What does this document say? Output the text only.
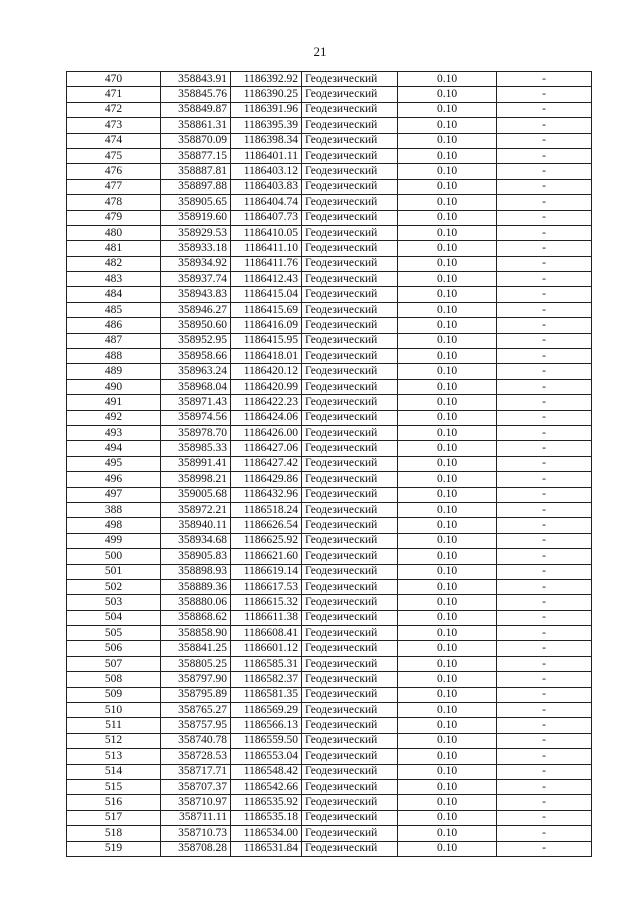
21
470	358843.91	1186392.92	Геодезический	0.10	-
471	358845.76	1186390.25	Геодезический	0.10	-
472	358849.87	1186391.96	Геодезический	0.10	-
473	358861.31	1186395.39	Геодезический	0.10	-
474	358870.09	1186398.34	Геодезический	0.10	-
475	358877.15	1186401.11	Геодезический	0.10	-
476	358887.81	1186403.12	Геодезический	0.10	-
477	358897.88	1186403.83	Геодезический	0.10	-
478	358905.65	1186404.74	Геодезический	0.10	-
479	358919.60	1186407.73	Геодезический	0.10	-
480	358929.53	1186410.05	Геодезический	0.10	-
481	358933.18	1186411.10	Геодезический	0.10	-
482	358934.92	1186411.76	Геодезический	0.10	-
483	358937.74	1186412.43	Геодезический	0.10	-
484	358943.83	1186415.04	Геодезический	0.10	-
485	358946.27	1186415.69	Геодезический	0.10	-
486	358950.60	1186416.09	Геодезический	0.10	-
487	358952.95	1186415.95	Геодезический	0.10	-
488	358958.66	1186418.01	Геодезический	0.10	-
489	358963.24	1186420.12	Геодезический	0.10	-
490	358968.04	1186420.99	Геодезический	0.10	-
491	358971.43	1186422.23	Геодезический	0.10	-
492	358974.56	1186424.06	Геодезический	0.10	-
493	358978.70	1186426.00	Геодезический	0.10	-
494	358985.33	1186427.06	Геодезический	0.10	-
495	358991.41	1186427.42	Геодезический	0.10	-
496	358998.21	1186429.86	Геодезический	0.10	-
497	359005.68	1186432.96	Геодезический	0.10	-
388	358972.21	1186518.24	Геодезический	0.10	-
498	358940.11	1186626.54	Геодезический	0.10	-
499	358934.68	1186625.92	Геодезический	0.10	-
500	358905.83	1186621.60	Геодезический	0.10	-
501	358898.93	1186619.14	Геодезический	0.10	-
502	358889.36	1186617.53	Геодезический	0.10	-
503	358880.06	1186615.32	Геодезический	0.10	-
504	358868.62	1186611.38	Геодезический	0.10	-
505	358858.90	1186608.41	Геодезический	0.10	-
506	358841.25	1186601.12	Геодезический	0.10	-
507	358805.25	1186585.31	Геодезический	0.10	-
508	358797.90	1186582.37	Геодезический	0.10	-
509	358795.89	1186581.35	Геодезический	0.10	-
510	358765.27	1186569.29	Геодезический	0.10	-
511	358757.95	1186566.13	Геодезический	0.10	-
512	358740.78	1186559.50	Геодезический	0.10	-
513	358728.53	1186553.04	Геодезический	0.10	-
514	358717.71	1186548.42	Геодезический	0.10	-
515	358707.37	1186542.66	Геодезический	0.10	-
516	358710.97	1186535.92	Геодезический	0.10	-
517	358711.11	1186535.18	Геодезический	0.10	-
518	358710.73	1186534.00	Геодезический	0.10	-
519	358708.28	1186531.84	Геодезический	0.10	-
